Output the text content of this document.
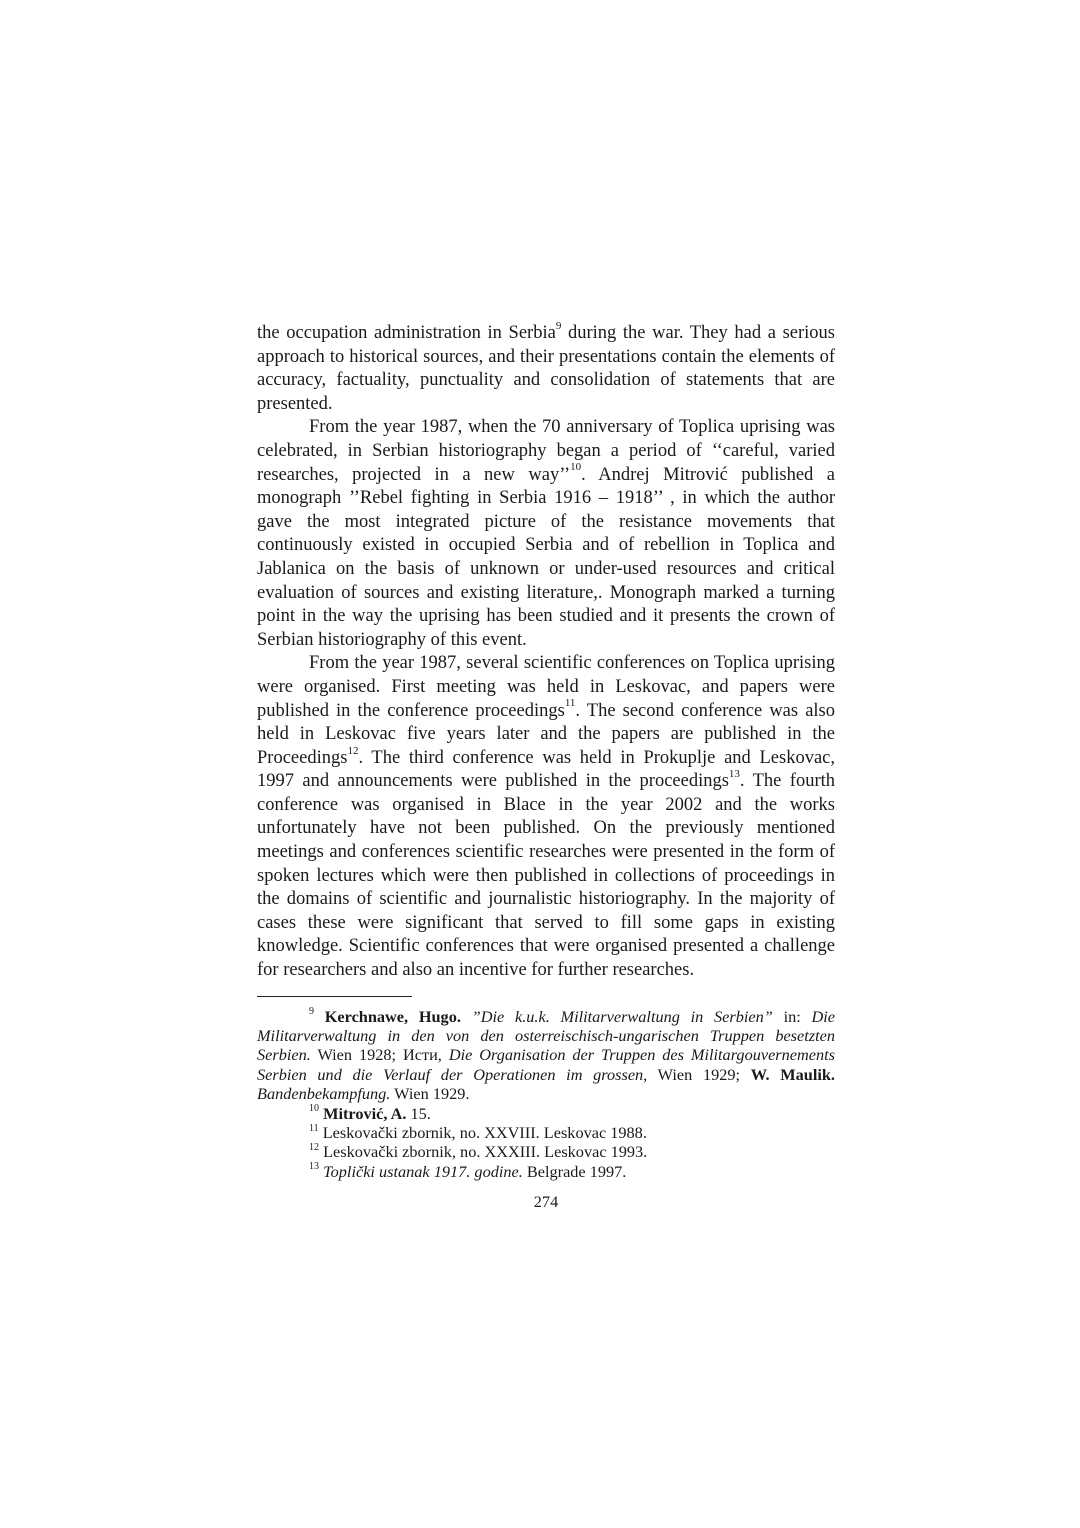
the occupation administration in Serbia$^9$ during the war. They had a serious approach to historical sources, and their presentations contain the elements of accuracy, factuality, punctuality and consolidation of statements that are presented.

From the year 1987, when the 70 anniversary of Toplica uprising was celebrated, in Serbian historiography began a period of ‘‘careful, varied researches, projected in a new way’’$^{10}$. Andrej Mitrović published a monograph ’’Rebel fighting in Serbia 1916 – 1918’’ , in which the author gave the most integrated picture of the resistance movements that continuously existed in occupied Serbia and of rebellion in Toplica and Jablanica on the basis of unknown or under-used resources and critical evaluation of sources and existing literature,. Monograph marked a turning point in the way the uprising has been studied and it presents the crown of Serbian historiography of this event.

From the year 1987, several scientific conferences on Toplica uprising were organised. First meeting was held in Leskovac, and papers were published in the conference proceedings$^{11}$. The second conference was also held in Leskovac five years later and the papers are published in the Proceedings$^{12}$. The third conference was held in Prokuplje and Leskovac, 1997 and announcements were published in the proceedings$^{13}$. The fourth conference was organised in Blace in the year 2002 and the works unfortunately have not been published. On the previously mentioned meetings and conferences scientific researches were presented in the form of spoken lectures which were then published in collections of proceedings in the domains of scientific and journalistic historiography. In the majority of cases these were significant that served to fill some gaps in existing knowledge. Scientific conferences that were organised presented a challenge for researchers and also an incentive for further researches.

$^9$ Kerchnawe, Hugo. ”Die k.u.k. Militarverwaltung in Serbien” in: Die Militarverwaltung in den von den osterreischisch-ungarischen Truppen besetzten Serbien. Wien 1928; Исти, Die Organisation der Truppen des Militargouvernements Serbien und die Verlauf der Operationen im grossen, Wien 1929; W. Maulik. Bandenbekampfung. Wien 1929.

$^{10}$ Mitrović, A. 15.

$^{11}$ Leskovački zbornik, no. XXVIII. Leskovac 1988.

$^{12}$ Leskovački zbornik, no. XXXIII. Leskovac 1993.

$^{13}$ Toplički ustanak 1917. godine. Belgrade 1997.

274
